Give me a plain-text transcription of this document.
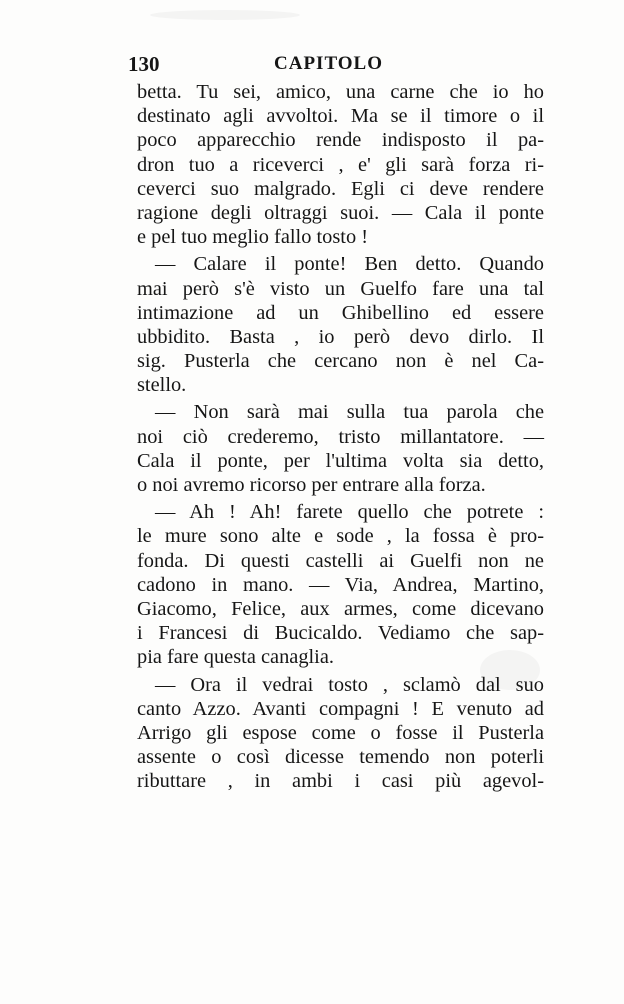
130	CAPITOLO
betta. Tu sei, amico, una carne che io ho
destinato agli avvoltoi. Ma se il timore o il
poco apparecchio rende indisposto il pa-
dron tuo a riceverci , e' gli sarà forza ri-
ceverci suo malgrado. Egli ci deve rendere
ragione degli oltraggi suoi. — Cala il ponte
e pel tuo meglio fallo tosto !
— Calare il ponte! Ben detto. Quando
mai però s'è visto un Guelfo fare una tal
intimazione ad un Ghibellino ed essere
ubbidito. Basta , io però devo dirlo. Il
sig. Pusterla che cercano non è nel Ca-
stello.
— Non sarà mai sulla tua parola che
noi ciò crederemo, tristo millantatore. —
Cala il ponte, per l'ultima volta sia detto,
o noi avremo ricorso per entrare alla forza.
— Ah ! Ah! farete quello che potrete :
le mure sono alte e sode , la fossa è pro-
fonda. Di questi castelli ai Guelfi non ne
cadono in mano. — Via, Andrea, Martino,
Giacomo, Felice, aux armes, come dicevano
i Francesi di Bucicaldo. Vediamo che sap-
pia fare questa canaglia.
— Ora il vedrai tosto , sclamò dal suo
canto Azzo. Avanti compagni ! E venuto ad
Arrigo gli espose come o fosse il Pusterla
assente o così dicesse temendo non poterli
ributtare , in ambi i casi più agevol-
